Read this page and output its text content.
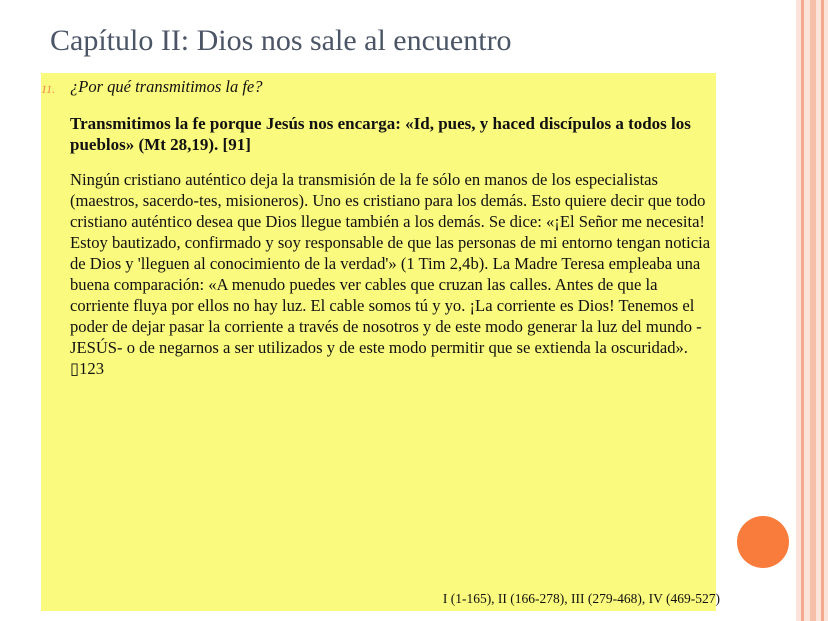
Capítulo II: Dios nos sale al encuentro
11. ¿Por qué transmitimos la fe?

Transmitimos la fe porque Jesús nos encarga: «Id, pues, y haced discípulos a todos los pueblos» (Mt 28,19). [91]

Ningún cristiano auténtico deja la transmisión de la fe sólo en manos de los especialistas (maestros, sacerdo-tes, misioneros). Uno es cristiano para los demás. Esto quiere decir que todo cristiano auténtico desea que Dios llegue también a los demás. Se dice: «¡El Señor me necesita! Estoy bautizado, confirmado y soy responsable de que las personas de mi entorno tengan noticia de Dios y 'lleguen al conocimiento de la verdad'» (1 Tim 2,4b). La Madre Teresa empleaba una buena comparación: «A menudo puedes ver cables que cruzan las calles. Antes de que la corriente fluya por ellos no hay luz. El cable somos tú y yo. ¡La corriente es Dios! Tenemos el poder de dejar pasar la corriente a través de nosotros y de este modo generar la luz del mundo -JESÚS- o de negarnos a ser utilizados y de este modo permitir que se extienda la oscuridad». ▯123

I (1-165), II (166-278), III (279-468), IV (469-527)
